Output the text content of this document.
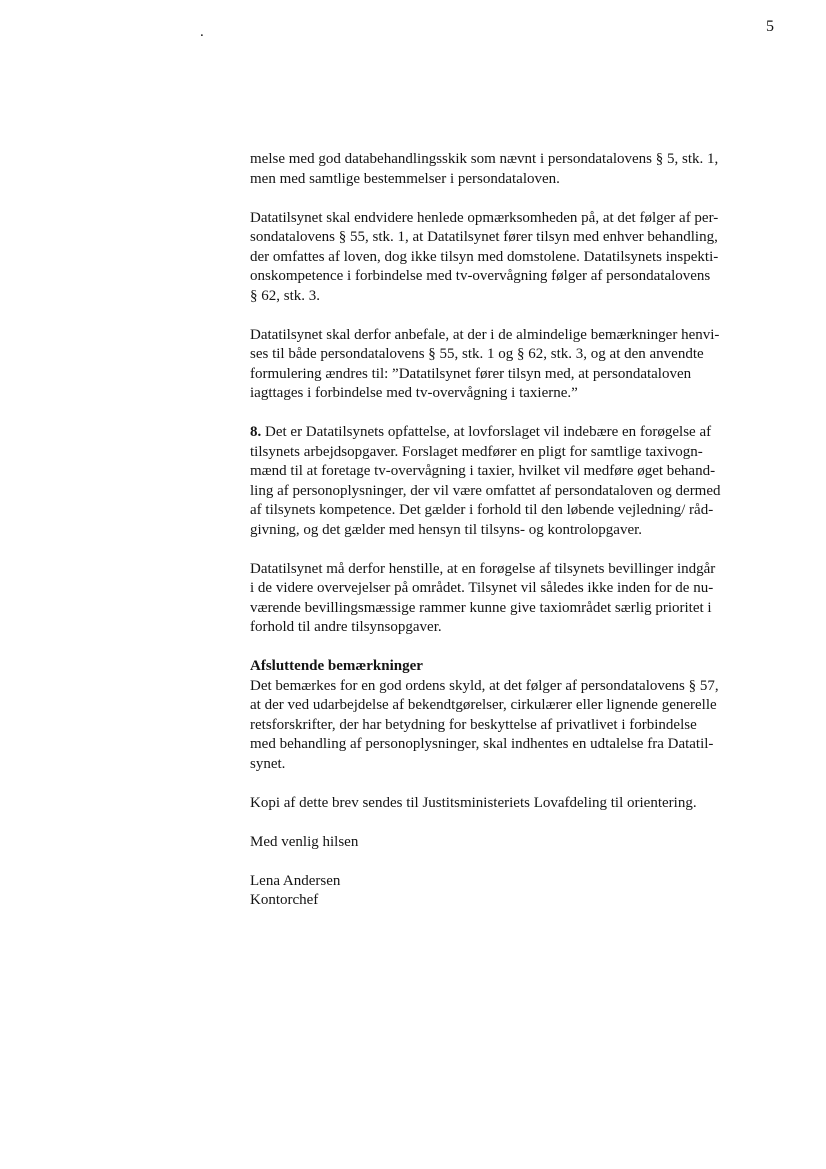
.	5
melse med god databehandlingsskik som nævnt i persondatalovens § 5, stk. 1,
men med samtlige bestemmelser i persondataloven.
Datatilsynet skal endvidere henlede opmærksomheden på, at det følger af per-
sondatalovens § 55, stk. 1, at Datatilsynet fører tilsyn med enhver behandling,
der omfattes af loven, dog ikke tilsyn med domstolene. Datatilsynets inspekti-
onskompetence i forbindelse med tv-overvågning følger af persondatalovens
§ 62, stk. 3.
Datatilsynet skal derfor anbefale, at der i de almindelige bemærkninger henvi-
ses til både persondatalovens § 55, stk. 1 og § 62, stk. 3, og at den anvendte
formulering ændres til: ”Datatilsynet fører tilsyn med, at persondataloven
iagttages i forbindelse med tv-overvågning i taxierne.”
8. Det er Datatilsynets opfattelse, at lovforslaget vil indebære en forøgelse af
tilsynets arbejdsopgaver. Forslaget medfører en pligt for samtlige taxivogn-
mænd til at foretage tv-overvågning i taxier, hvilket vil medføre øget behand-
ling af personoplysninger, der vil være omfattet af persondataloven og dermed
af tilsynets kompetence. Det gælder i forhold til den løbende vejledning/ råd-
givning, og det gælder med hensyn til tilsyns- og kontrolopgaver.
Datatilsynet må derfor henstille, at en forøgelse af tilsynets bevillinger indgår
i de videre overvejelser på området. Tilsynet vil således ikke inden for de nu-
værende bevillingsmæssige rammer kunne give taxiområdet særlig prioritet i
forhold til andre tilsynsopgaver.
Afsluttende bemærkninger
Det bemærkes for en god ordens skyld, at det følger af persondatalovens § 57,
at der ved udarbejdelse af bekendtgørelser, cirkulærer eller lignende generelle
retsforskrifter, der har betydning for beskyttelse af privatlivet i forbindelse
med behandling af personoplysninger, skal indhentes en udtalelse fra Datatil-
synet.
Kopi af dette brev sendes til Justitsministeriets Lovafdeling til orientering.
Med venlig hilsen
Lena Andersen
Kontorchef
